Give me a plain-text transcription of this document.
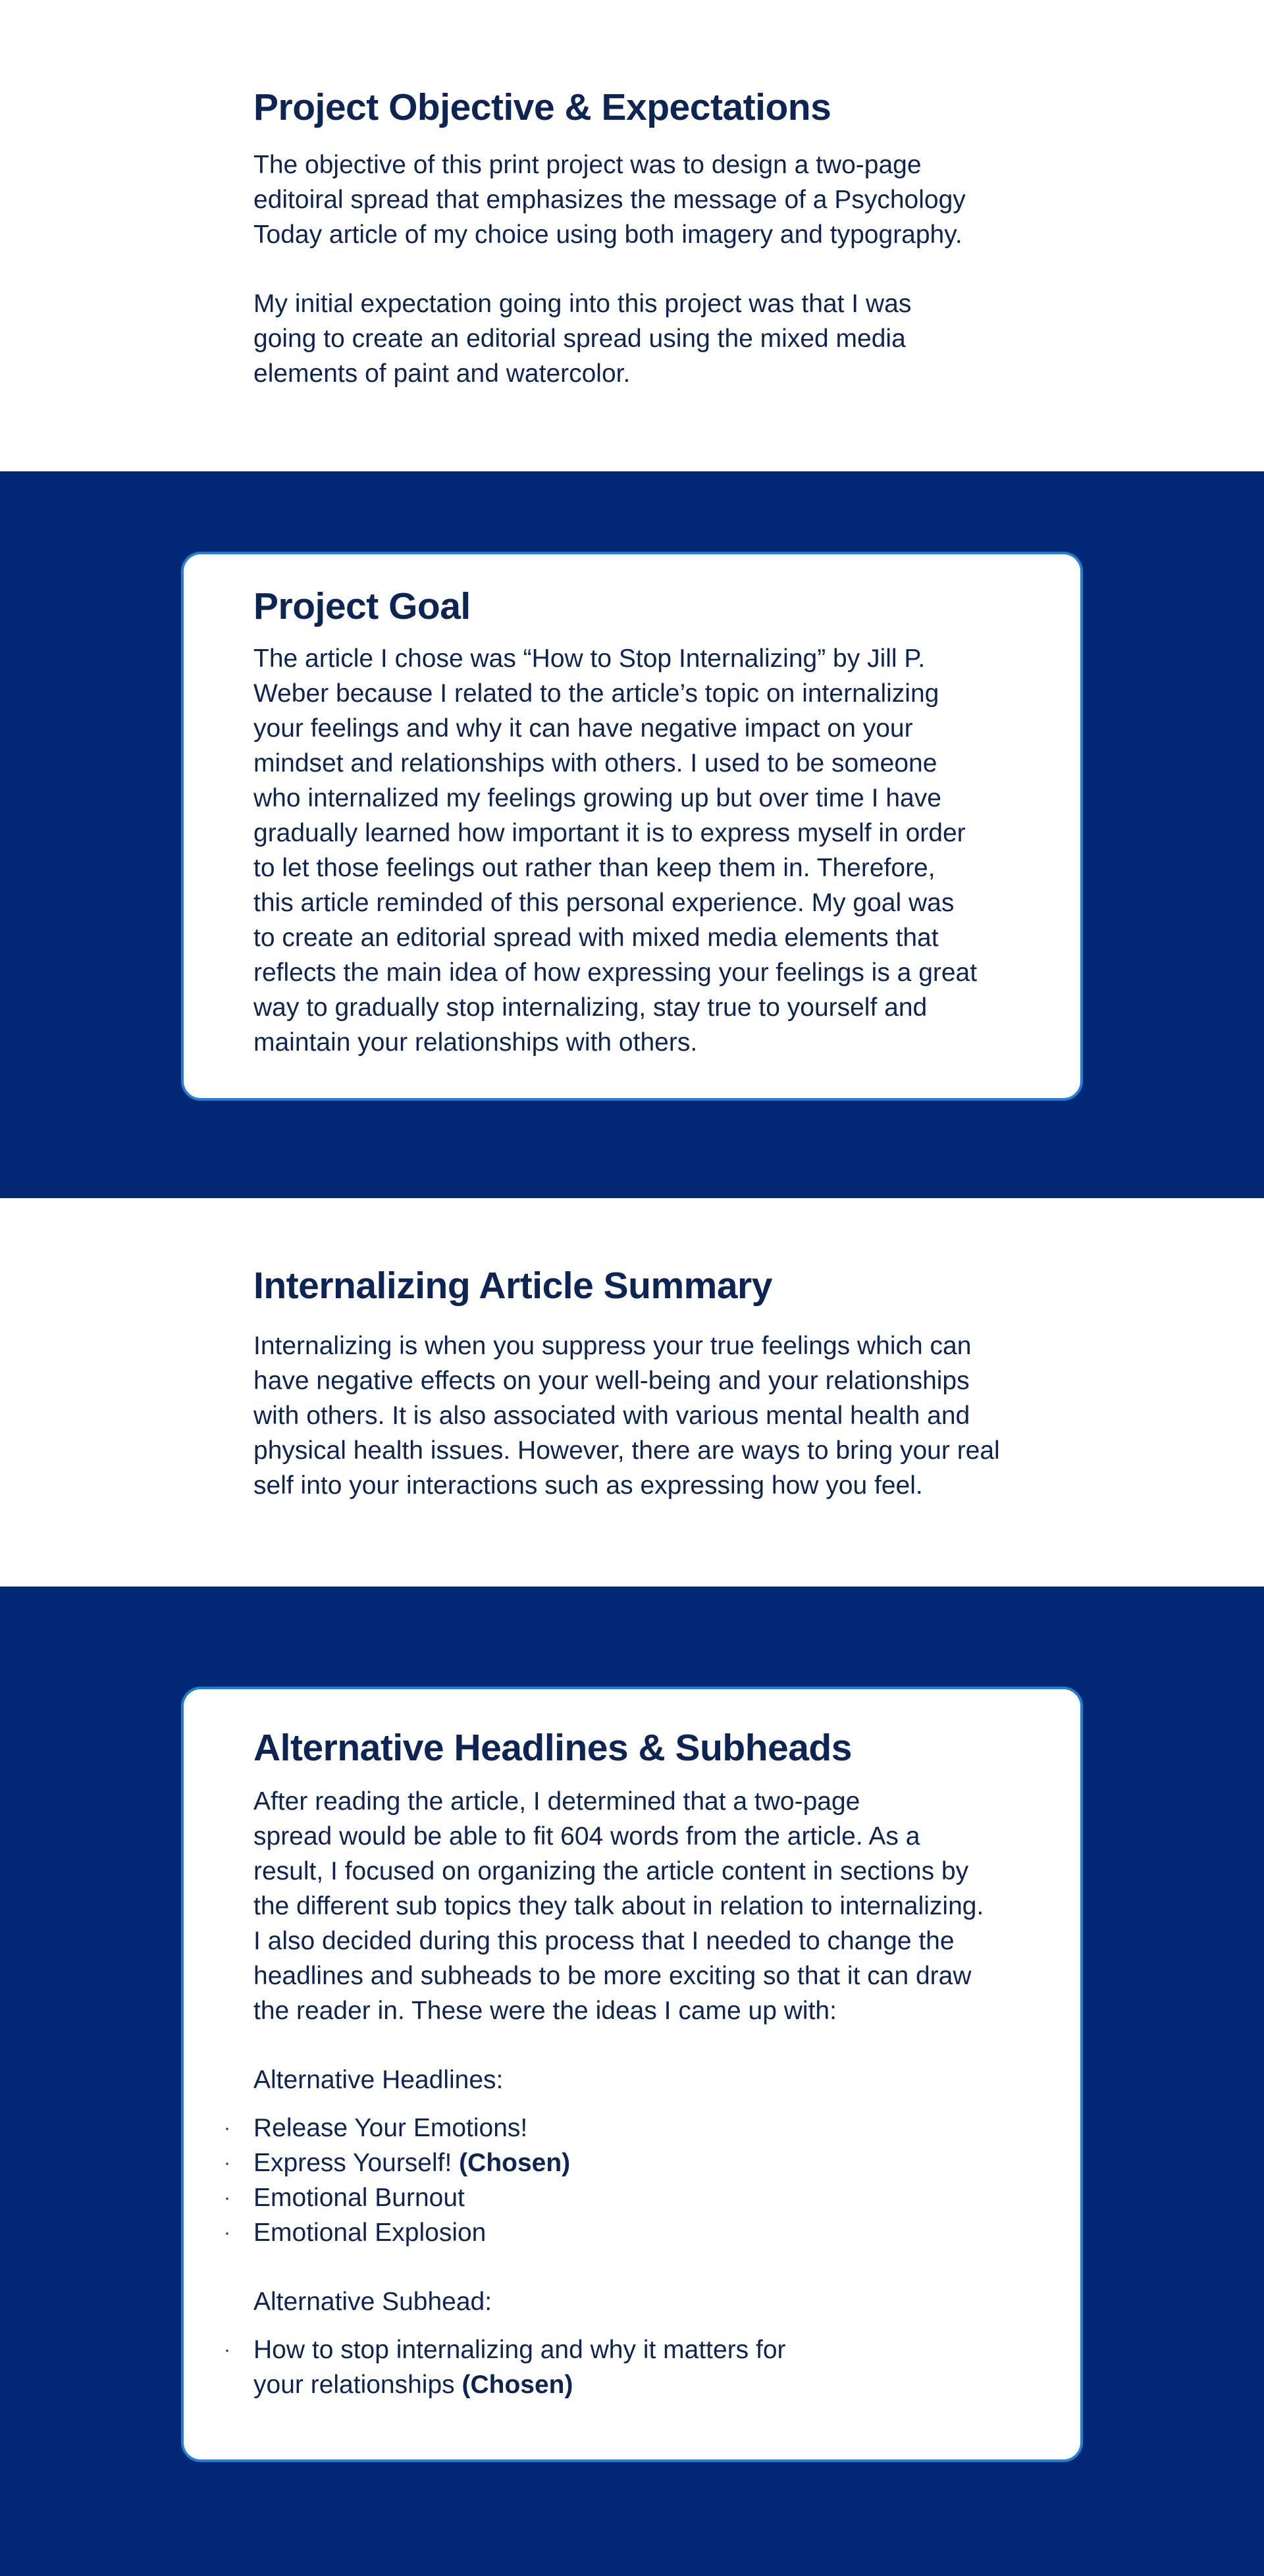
Project Objective & Expectations

The objective of this print project was to design a two-page
editoiral spread that emphasizes the message of a Psychology
Today article of my choice using both imagery and typography.

My initial expectation going into this project was that I was
going to create an editorial spread using the mixed media
elements of paint and watercolor.

Project Goal

The article I chose was “How to Stop Internalizing” by Jill P.
Weber because I related to the article’s topic on internalizing
your feelings and why it can have negative impact on your
mindset and relationships with others. I used to be someone
who internalized my feelings growing up but over time I have
gradually learned how important it is to express myself in order
to let those feelings out rather than keep them in. Therefore,
this article reminded of this personal experience. My goal was
to create an editorial spread with mixed media elements that
reflects the main idea of how expressing your feelings is a great
way to gradually stop internalizing, stay true to yourself and
maintain your relationships with others.

Internalizing Article Summary

Internalizing is when you suppress your true feelings which can
have negative effects on your well-being and your relationships
with others. It is also associated with various mental health and
physical health issues. However, there are ways to bring your real
self into your interactions such as expressing how you feel.

Alternative Headlines & Subheads

After reading the article, I determined that a two-page
spread would be able to fit 604 words from the article. As a
result, I focused on organizing the article content in sections by
the different sub topics they talk about in relation to internalizing.
I also decided during this process that I needed to change the
headlines and subheads to be more exciting so that it can draw
the reader in. These were the ideas I came up with:

Alternative Headlines:
· Release Your Emotions!
· Express Yourself! (Chosen)
· Emotional Burnout
· Emotional Explosion
Alternative Subhead:
· How to stop internalizing and why it matters for
your relationships (Chosen)
